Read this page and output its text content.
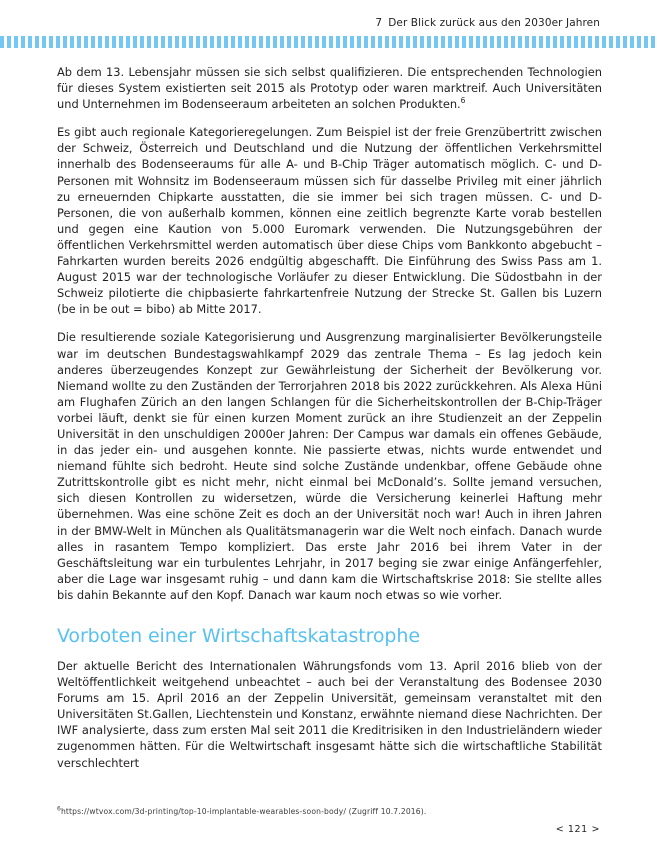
7 Der Blick zurück aus den 2030er Jahren

Ab dem 13. Lebensjahr müssen sie sich selbst qualifizieren. Die entsprechenden Technologien für dieses System existierten seit 2015 als Prototyp oder waren marktreif. Auch Universitäten und Unternehmen im Bodenseeraum arbeiteten an solchen Produkten.$^6$

Es gibt auch regionale Kategorieregelungen. Zum Beispiel ist der freie Grenzübertritt zwischen der Schweiz, Österreich und Deutschland und die Nutzung der öffentlichen Verkehrsmittel innerhalb des Bodenseeraums für alle A- und B-Chip Träger automatisch möglich. C- und D-Personen mit Wohnsitz im Bodenseeraum müssen sich für dasselbe Privileg mit einer jährlich zu erneuernden Chipkarte ausstatten, die sie immer bei sich tragen müssen. C- und D-Personen, die von außerhalb kommen, können eine zeitlich begrenzte Karte vorab bestellen und gegen eine Kaution von 5.000 Euromark verwenden. Die Nutzungsgebühren der öffentlichen Verkehrsmittel werden automatisch über diese Chips vom Bankkonto abgebucht – Fahrkarten wurden bereits 2026 endgültig abgeschafft. Die Einführung des Swiss Pass am 1. August 2015 war der technologische Vorläufer zu dieser Entwicklung. Die Südostbahn in der Schweiz pilotierte die chipbasierte fahrkartenfreie Nutzung der Strecke St. Gallen bis Luzern (be in be out = bibo) ab Mitte 2017.

Die resultierende soziale Kategorisierung und Ausgrenzung marginalisierter Bevölkerungsteile war im deutschen Bundestagswahlkampf 2029 das zentrale Thema – Es lag jedoch kein anderes überzeugendes Konzept zur Gewährleistung der Sicherheit der Bevölkerung vor. Niemand wollte zu den Zuständen der Terrorjahren 2018 bis 2022 zurückkehren. Als Alexa Hüni am Flughafen Zürich an den langen Schlangen für die Sicherheitskontrollen der B-Chip-Träger vorbei läuft, denkt sie für einen kurzen Moment zurück an ihre Studienzeit an der Zeppelin Universität in den unschuldigen 2000er Jahren: Der Campus war damals ein offenes Gebäude, in das jeder ein- und ausgehen konnte. Nie passierte etwas, nichts wurde entwendet und niemand fühlte sich bedroht. Heute sind solche Zustände undenkbar, offene Gebäude ohne Zutrittskontrolle gibt es nicht mehr, nicht einmal bei McDonald’s. Sollte jemand versuchen, sich diesen Kontrollen zu widersetzen, würde die Versicherung keinerlei Haftung mehr übernehmen. Was eine schöne Zeit es doch an der Universität noch war! Auch in ihren Jahren in der BMW-Welt in München als Qualitätsmanagerin war die Welt noch einfach. Danach wurde alles in rasantem Tempo kompliziert. Das erste Jahr 2016 bei ihrem Vater in der Geschäftsleitung war ein turbulentes Lehrjahr, in 2017 beging sie zwar einige Anfängerfehler, aber die Lage war insgesamt ruhig – und dann kam die Wirtschaftskrise 2018: Sie stellte alles bis dahin Bekannte auf den Kopf. Danach war kaum noch etwas so wie vorher.

Vorboten einer Wirtschaftskatastrophe

Der aktuelle Bericht des Internationalen Währungsfonds vom 13. April 2016 blieb von der Weltöffentlichkeit weitgehend unbeachtet – auch bei der Veranstaltung des Bodensee 2030 Forums am 15. April 2016 an der Zeppelin Universität, gemeinsam veranstaltet mit den Universitäten St.Gallen, Liechtenstein und Konstanz, erwähnte niemand diese Nachrichten. Der IWF analysierte, dass zum ersten Mal seit 2011 die Kreditrisiken in den Industrieländern wieder zugenommen hätten. Für die Weltwirtschaft insgesamt hätte sich die wirtschaftliche Stabilität verschlechtert

$^6$https://wtvox.com/3d-printing/top-10-implantable-wearables-soon-body/ (Zugriff 10.7.2016).
< 121 >
